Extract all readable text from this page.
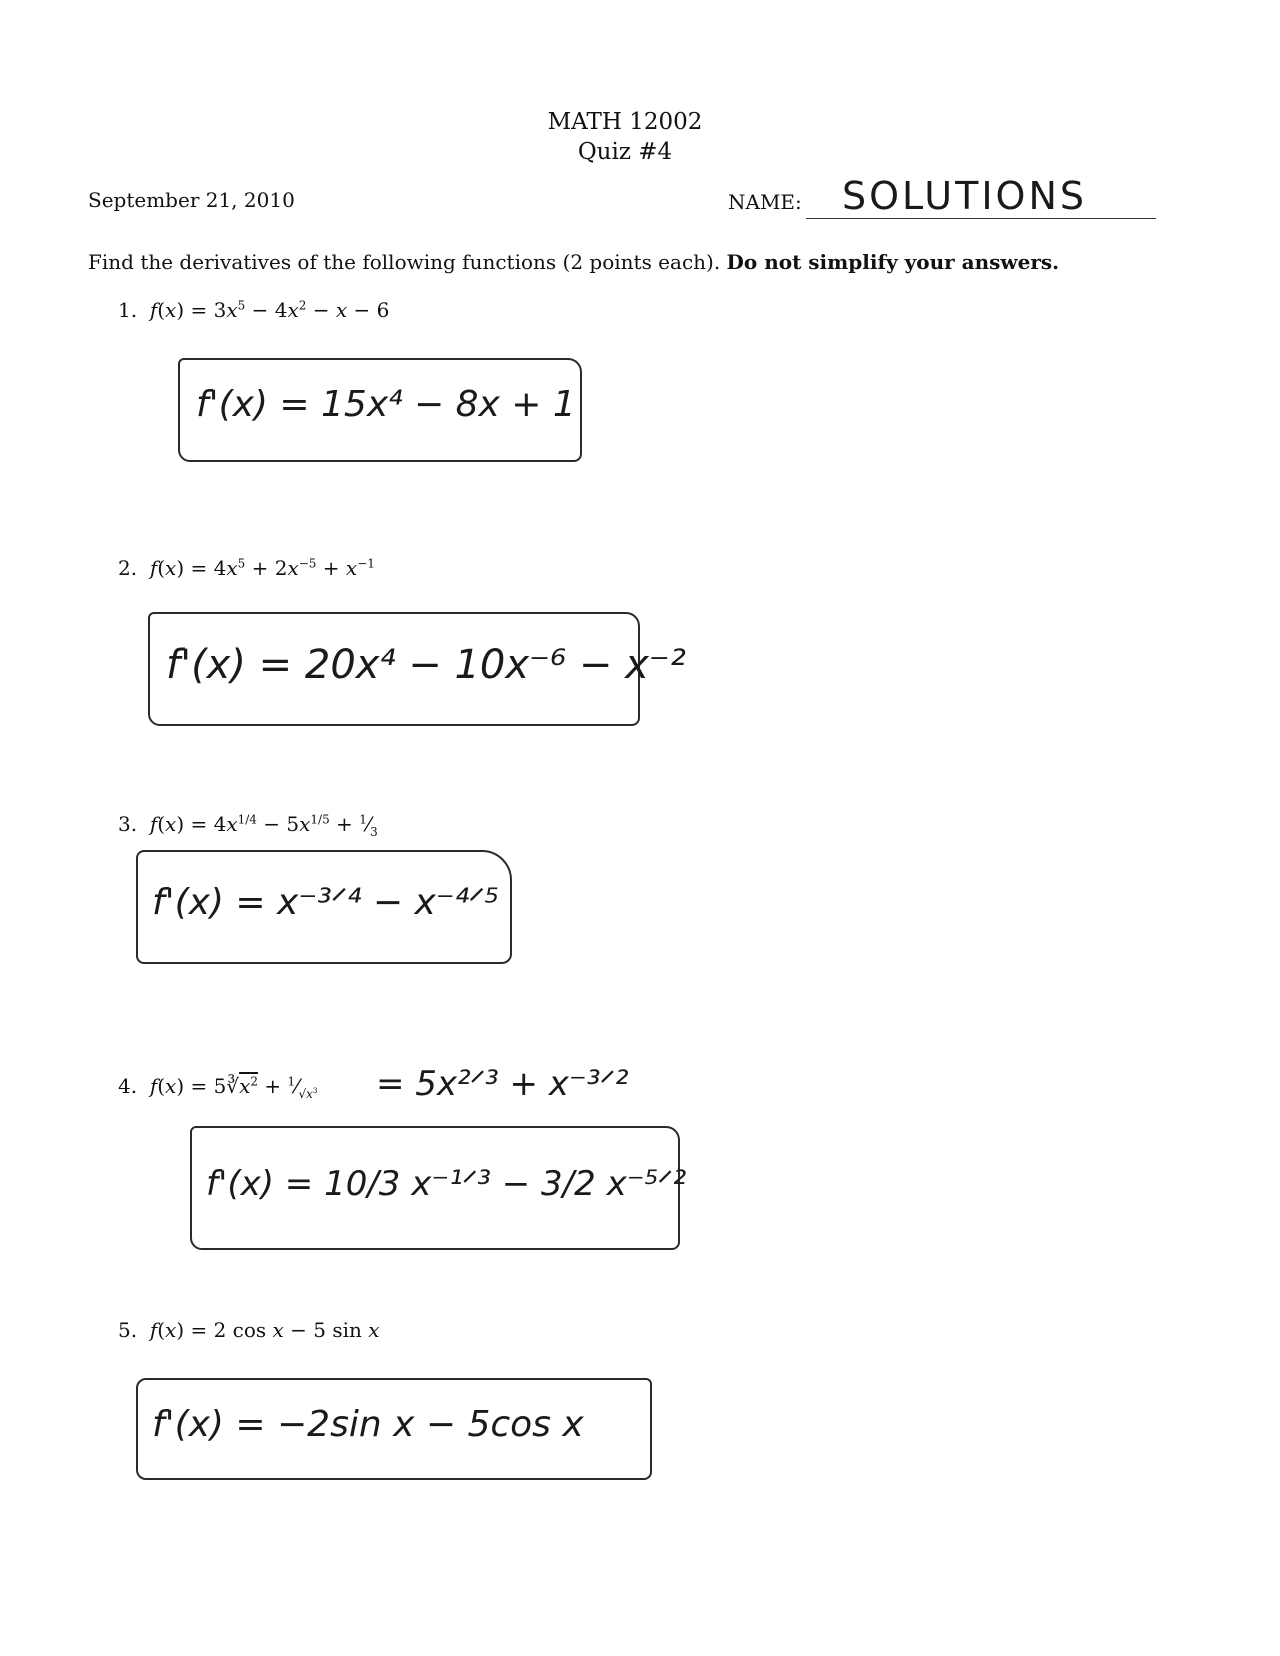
MATH 12002
Quiz #4
September 21, 2010	NAME: SOLUTIONS
Find the derivatives of the following functions (2 points each). Do not simplify your answers.
1. $f(x) = 3x^5 - 4x^2 - x - 6$
f'(x) = 15x⁴ − 8x + 1
2. $f(x) = 4x^5 + 2x^{-5} + x^{-1}$
f'(x) = 20x⁴ − 10x⁻⁶ − x⁻²
3. $f(x) = 4x^{1/4} - 5x^{1/5}$ + $^1⁄_3$
f'(x) = x⁻³ᐟ⁴ − x⁻⁴ᐟ⁵
4. $f(x) = 5∛x^2$ + $^1⁄_{√x^3}$ = 5x²ᐟ³ + x⁻³ᐟ²
f'(x) = 10/3 x⁻¹ᐟ³ − 3/2 x⁻⁵ᐟ²
5. f(x) = 2 cos x − 5 sin x
f'(x) = −2sin x − 5cos x
